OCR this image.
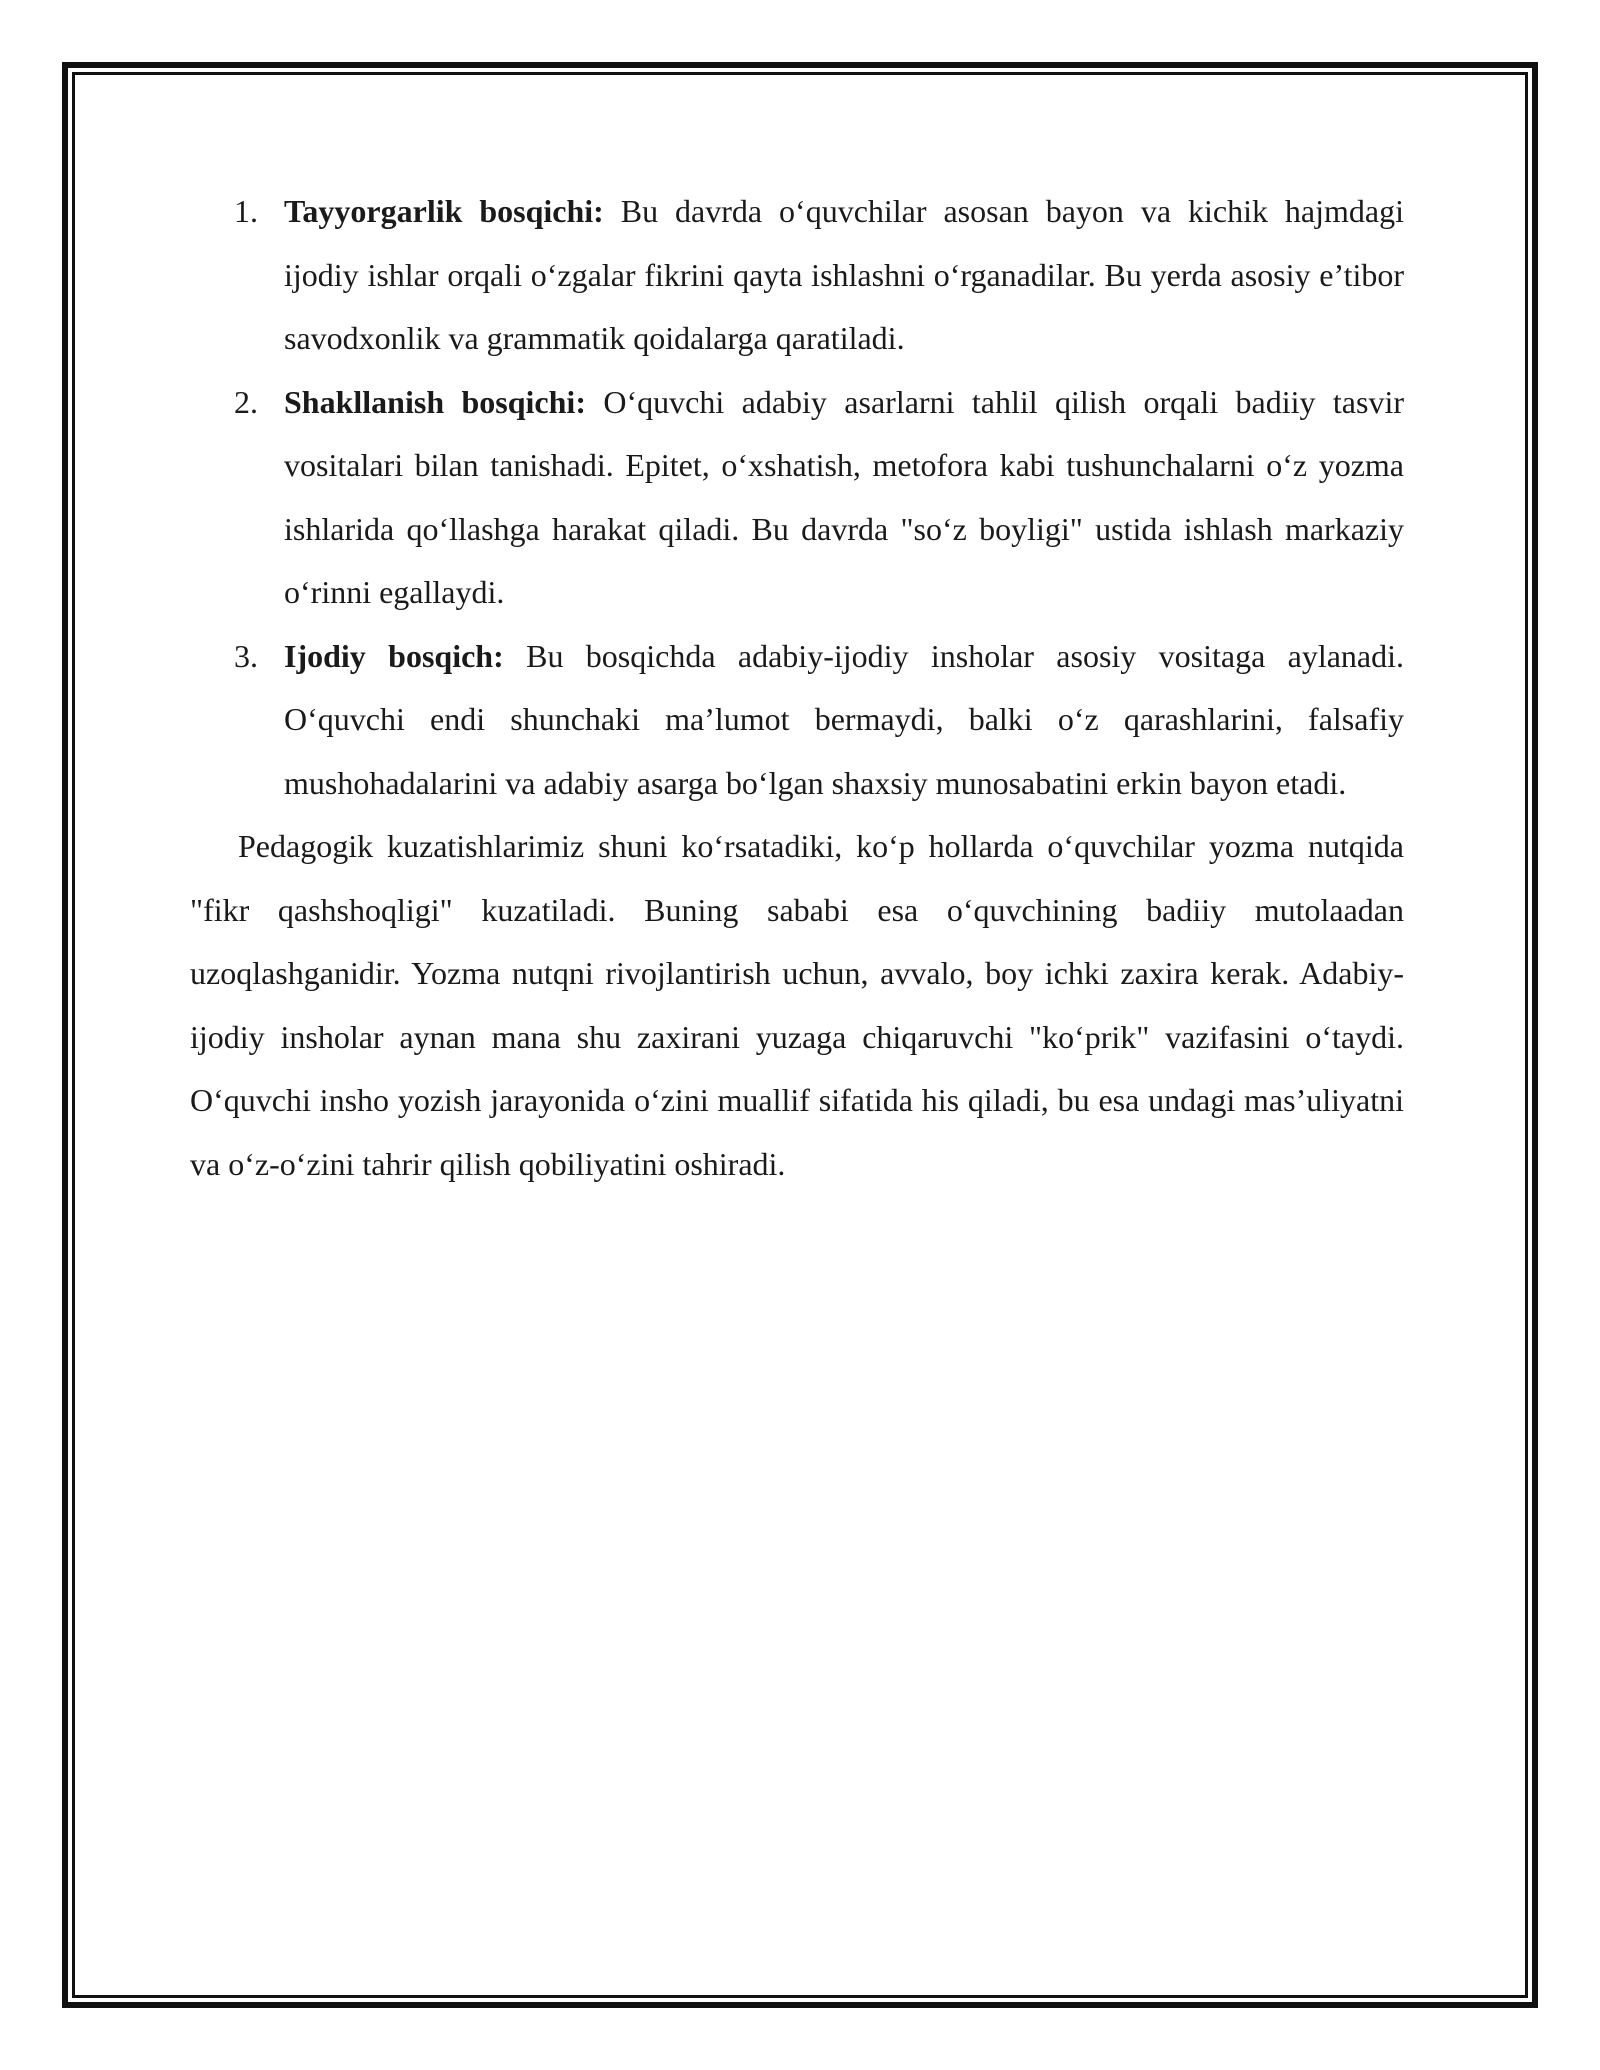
1. Tayyorgarlik bosqichi: Bu davrda o‘quvchilar asosan bayon va kichik hajmdagi ijodiy ishlar orqali o‘zgalar fikrini qayta ishlashni o‘rganadilar. Bu yerda asosiy e’tibor savodxonlik va grammatik qoidalarga qaratiladi.
2. Shakllanish bosqichi: O‘quvchi adabiy asarlarni tahlil qilish orqali badiiy tasvir vositalari bilan tanishadi. Epitet, o‘xshatish, metofora kabi tushunchalarni o‘z yozma ishlarida qo‘llashga harakat qiladi. Bu davrda "so‘z boyligi" ustida ishlash markaziy o‘rinni egallaydi.
3. Ijodiy bosqich: Bu bosqichda adabiy-ijodiy insholar asosiy vositaga aylanadi. O‘quvchi endi shunchaki ma’lumot bermaydi, balki o‘z qarashlarini, falsafiy mushohadalarini va adabiy asarga bo‘lgan shaxsiy munosabatini erkin bayon etadi.

Pedagogik kuzatishlarimiz shuni ko‘rsatadiki, ko‘p hollarda o‘quvchilar yozma nutqida "fikr qashshoqligi" kuzatiladi. Buning sababi esa o‘quvchining badiiy mutolaadan uzoqlashganidir. Yozma nutqni rivojlantirish uchun, avvalo, boy ichki zaxira kerak. Adabiy-ijodiy insholar aynan mana shu zaxirani yuzaga chiqaruvchi "ko‘prik" vazifasini o‘taydi. O‘quvchi insho yozish jarayonida o‘zini muallif sifatida his qiladi, bu esa undagi mas’uliyatni va o‘z-o‘zini tahrir qilish qobiliyatini oshiradi.
